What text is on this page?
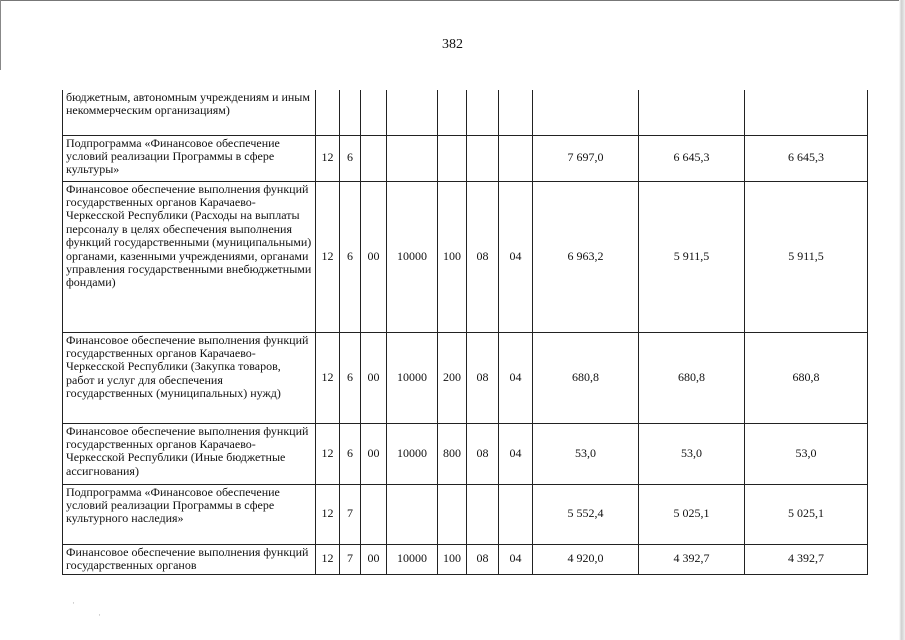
382
бюджетным, автономным учреждениям и иным некоммерческим организациям)										
Подпрограмма «Финансовое обеспечение условий реализации Программы в сфере культуры»	12	6						7 697,0	6 645,3	6 645,3
Финансовое обеспечение выполнения функций государственных органов Карачаево-Черкесской Республики (Расходы на выплаты персоналу в целях обеспечения выполнения функций государственными (муниципальными) органами, казенными учреждениями, органами управления государственными внебюджетными фондами)	12	6	00	10000	100	08	04	6 963,2	5 911,5	5 911,5
Финансовое обеспечение выполнения функций государственных органов Карачаево-Черкесской Республики (Закупка товаров, работ и услуг для обеспечения государственных (муниципальных) нужд)	12	6	00	10000	200	08	04	680,8	680,8	680,8
Финансовое обеспечение выполнения функций государственных органов Карачаево-Черкесской Республики (Иные бюджетные ассигнования)	12	6	00	10000	800	08	04	53,0	53,0	53,0
Подпрограмма «Финансовое обеспечение условий реализации Программы в сфере культурного наследия»	12	7						5 552,4	5 025,1	5 025,1
Финансовое обеспечение выполнения функций государственных органов	12	7	00	10000	100	08	04	4 920,0	4 392,7	4 392,7
·
·
